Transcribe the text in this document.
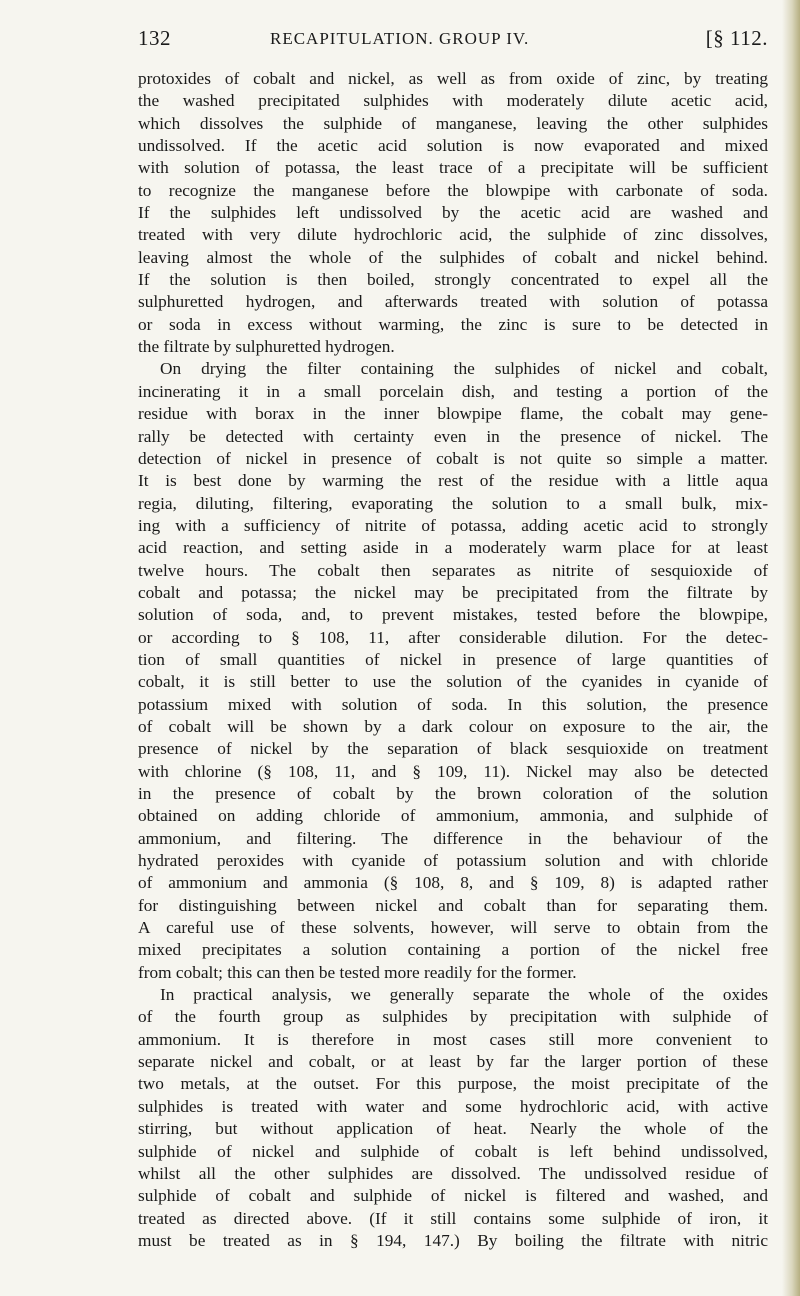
132	RECAPITULATION. GROUP IV.	[§ 112.
protoxides of cobalt and nickel, as well as from oxide of zinc, by treating
the washed precipitated sulphides with moderately dilute acetic acid,
which dissolves the sulphide of manganese, leaving the other sulphides
undissolved. If the acetic acid solution is now evaporated and mixed
with solution of potassa, the least trace of a precipitate will be sufficient
to recognize the manganese before the blowpipe with carbonate of soda.
If the sulphides left undissolved by the acetic acid are washed and
treated with very dilute hydrochloric acid, the sulphide of zinc dissolves,
leaving almost the whole of the sulphides of cobalt and nickel behind.
If the solution is then boiled, strongly concentrated to expel all the
sulphuretted hydrogen, and afterwards treated with solution of potassa
or soda in excess without warming, the zinc is sure to be detected in
the filtrate by sulphuretted hydrogen.
On drying the filter containing the sulphides of nickel and cobalt,
incinerating it in a small porcelain dish, and testing a portion of the
residue with borax in the inner blowpipe flame, the cobalt may gene-
rally be detected with certainty even in the presence of nickel. The
detection of nickel in presence of cobalt is not quite so simple a matter.
It is best done by warming the rest of the residue with a little aqua
regia, diluting, filtering, evaporating the solution to a small bulk, mix-
ing with a sufficiency of nitrite of potassa, adding acetic acid to strongly
acid reaction, and setting aside in a moderately warm place for at least
twelve hours. The cobalt then separates as nitrite of sesquioxide of
cobalt and potassa; the nickel may be precipitated from the filtrate by
solution of soda, and, to prevent mistakes, tested before the blowpipe,
or according to § 108, 11, after considerable dilution. For the detec-
tion of small quantities of nickel in presence of large quantities of
cobalt, it is still better to use the solution of the cyanides in cyanide of
potassium mixed with solution of soda. In this solution, the presence
of cobalt will be shown by a dark colour on exposure to the air, the
presence of nickel by the separation of black sesquioxide on treatment
with chlorine (§ 108, 11, and § 109, 11). Nickel may also be detected
in the presence of cobalt by the brown coloration of the solution
obtained on adding chloride of ammonium, ammonia, and sulphide of
ammonium, and filtering. The difference in the behaviour of the
hydrated peroxides with cyanide of potassium solution and with chloride
of ammonium and ammonia (§ 108, 8, and § 109, 8) is adapted rather
for distinguishing between nickel and cobalt than for separating them.
A careful use of these solvents, however, will serve to obtain from the
mixed precipitates a solution containing a portion of the nickel free
from cobalt; this can then be tested more readily for the former.
In practical analysis, we generally separate the whole of the oxides
of the fourth group as sulphides by precipitation with sulphide of
ammonium. It is therefore in most cases still more convenient to
separate nickel and cobalt, or at least by far the larger portion of these
two metals, at the outset. For this purpose, the moist precipitate of the
sulphides is treated with water and some hydrochloric acid, with active
stirring, but without application of heat. Nearly the whole of the
sulphide of nickel and sulphide of cobalt is left behind undissolved,
whilst all the other sulphides are dissolved. The undissolved residue of
sulphide of cobalt and sulphide of nickel is filtered and washed, and
treated as directed above. (If it still contains some sulphide of iron, it
must be treated as in § 194, 147.) By boiling the filtrate with nitric
